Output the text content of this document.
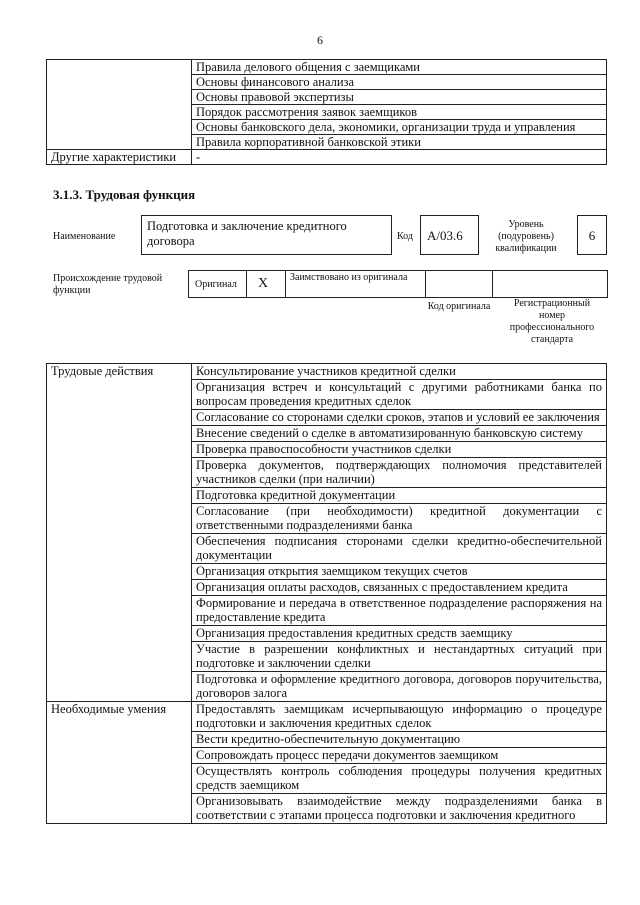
6
	Правила делового общения с заемщиками
	Основы финансового анализа
	Основы правовой экспертизы
	Порядок рассмотрения заявок заемщиков
	Основы банковского дела, экономики, организации труда и управления
	Правила корпоративной банковской этики
Другие характеристики	-
3.1.3. Трудовая функция
Наименование
Подготовка и заключение кредитного договора	Код	A/03.6
Уровень (подуровень) квалификации
6
Происхождение трудовой функции
Оригинал X Заимствовано из оригинала
Код оригинала	Регистрационный номер профессионального стандарта
Трудовые действия	Консультирование участников кредитной сделки
	Организация встреч и консультаций с другими работниками банка по вопросам проведения кредитных сделок
	Согласование со сторонами сделки сроков, этапов и условий ее заключения
	Внесение сведений о сделке в автоматизированную банковскую систему
	Проверка правоспособности участников сделки
	Проверка документов, подтверждающих полномочия представителей участников сделки (при наличии)
	Подготовка кредитной документации
	Согласование (при необходимости) кредитной документации с ответственными подразделениями банка
	Обеспечения подписания сторонами сделки кредитно-обеспечительной документации
	Организация открытия заемщиком текущих счетов
	Организация оплаты расходов, связанных с предоставлением кредита
	Формирование и передача в ответственное подразделение распоряжения на предоставление кредита
	Организация предоставления кредитных средств заемщику
	Участие в разрешении конфликтных и нестандартных ситуаций при подготовке и заключении сделки
	Подготовка и оформление кредитного договора, договоров поручительства, договоров залога
Необходимые умения	Предоставлять заемщикам исчерпывающую информацию о процедуре подготовки и заключения кредитных сделок
	Вести кредитно-обеспечительную документацию
	Сопровождать процесс передачи документов заемщиком
	Осуществлять контроль соблюдения процедуры получения кредитных средств заемщиком
	Организовывать взаимодействие между подразделениями банка в соответствии с этапами процесса подготовки и заключения кредитного
